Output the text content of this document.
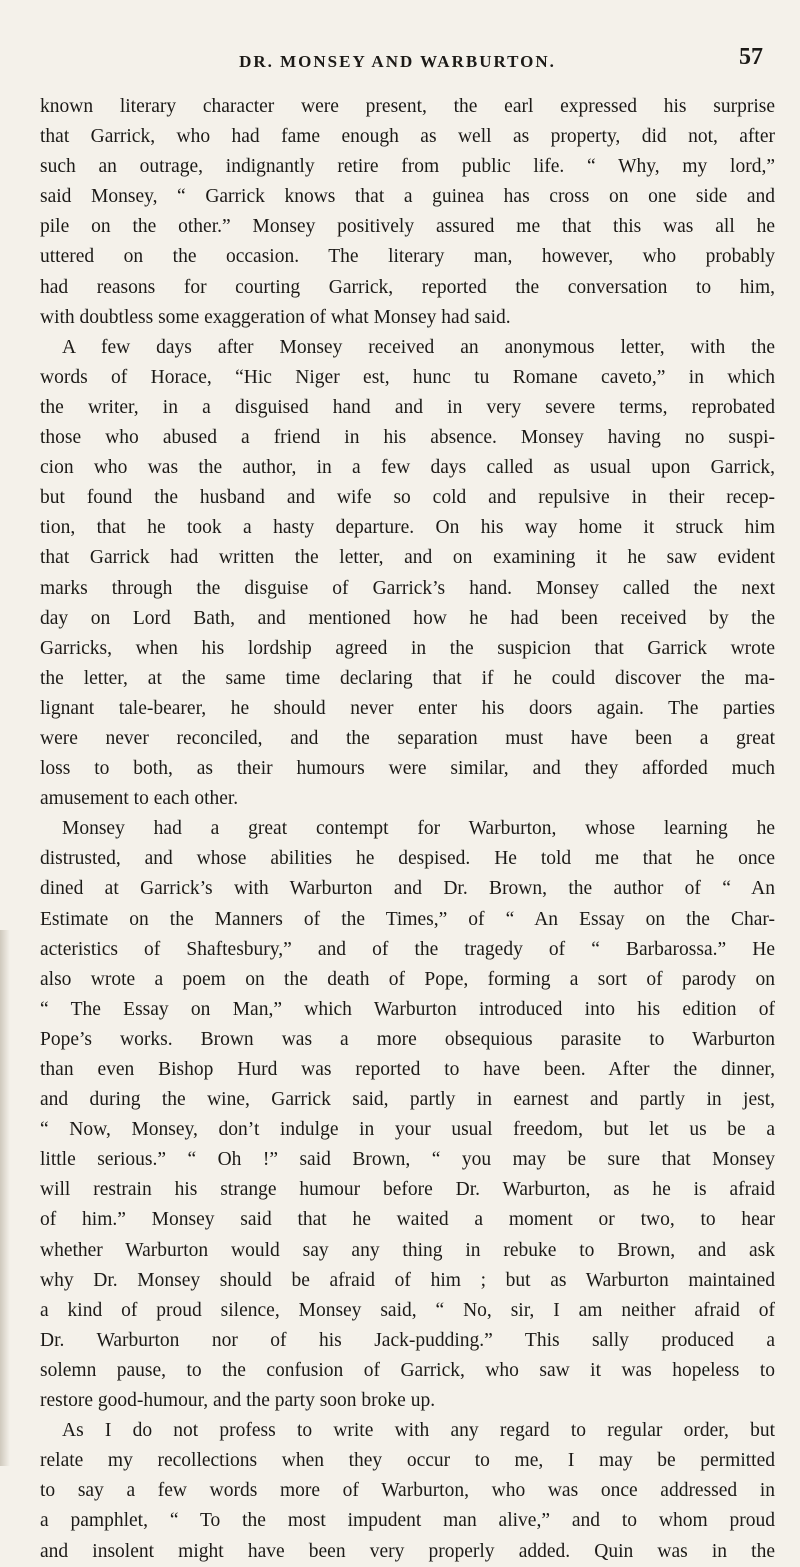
DR. MONSEY AND WARBURTON.	57
known literary character were present, the earl expressed his surprise
that Garrick, who had fame enough as well as property, did not, after
such an outrage, indignantly retire from public life. “ Why, my lord,”
said Monsey, “ Garrick knows that a guinea has cross on one side and
pile on the other.” Monsey positively assured me that this was all he
uttered on the occasion. The literary man, however, who probably
had reasons for courting Garrick, reported the conversation to him,
with doubtless some exaggeration of what Monsey had said.
A few days after Monsey received an anonymous letter, with the
words of Horace, “Hic Niger est, hunc tu Romane caveto,” in which
the writer, in a disguised hand and in very severe terms, reprobated
those who abused a friend in his absence. Monsey having no suspi-
cion who was the author, in a few days called as usual upon Garrick,
but found the husband and wife so cold and repulsive in their recep-
tion, that he took a hasty departure. On his way home it struck him
that Garrick had written the letter, and on examining it he saw evident
marks through the disguise of Garrick’s hand. Monsey called the next
day on Lord Bath, and mentioned how he had been received by the
Garricks, when his lordship agreed in the suspicion that Garrick wrote
the letter, at the same time declaring that if he could discover the ma-
lignant tale-bearer, he should never enter his doors again. The parties
were never reconciled, and the separation must have been a great
loss to both, as their humours were similar, and they afforded much
amusement to each other.
Monsey had a great contempt for Warburton, whose learning he
distrusted, and whose abilities he despised. He told me that he once
dined at Garrick’s with Warburton and Dr. Brown, the author of “ An
Estimate on the Manners of the Times,” of “ An Essay on the Char-
acteristics of Shaftesbury,” and of the tragedy of “ Barbarossa.” He
also wrote a poem on the death of Pope, forming a sort of parody on
“ The Essay on Man,” which Warburton introduced into his edition of
Pope’s works. Brown was a more obsequious parasite to Warburton
than even Bishop Hurd was reported to have been. After the dinner,
and during the wine, Garrick said, partly in earnest and partly in jest,
“ Now, Monsey, don’t indulge in your usual freedom, but let us be a
little serious.” “ Oh !” said Brown, “ you may be sure that Monsey
will restrain his strange humour before Dr. Warburton, as he is afraid
of him.” Monsey said that he waited a moment or two, to hear
whether Warburton would say any thing in rebuke to Brown, and ask
why Dr. Monsey should be afraid of him ; but as Warburton maintained
a kind of proud silence, Monsey said, “ No, sir, I am neither afraid of
Dr. Warburton nor of his Jack-pudding.” This sally produced a
solemn pause, to the confusion of Garrick, who saw it was hopeless to
restore good-humour, and the party soon broke up.
As I do not profess to write with any regard to regular order, but
relate my recollections when they occur to me, I may be permitted
to say a few words more of Warburton, who was once addressed in
a pamphlet, “ To the most impudent man alive,” and to whom proud
and insolent might have been very properly added. Quin was in the
